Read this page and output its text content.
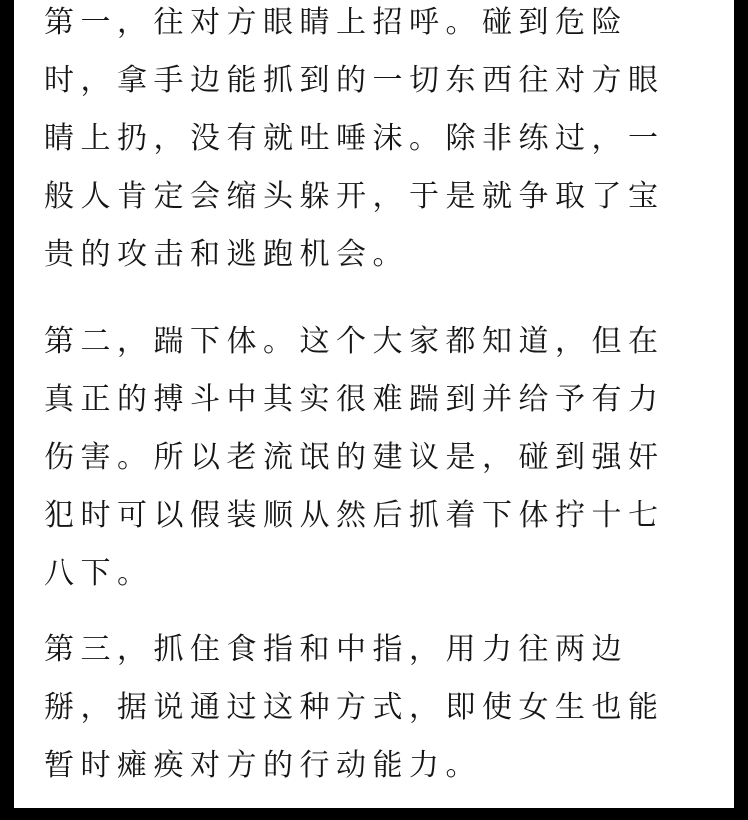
第一，往对方眼睛上招呼。碰到危险
时，拿手边能抓到的一切东西往对方眼
睛上扔，没有就吐唾沫。除非练过，一
般人肯定会缩头躲开，于是就争取了宝
贵的攻击和逃跑机会。
第二，踹下体。这个大家都知道，但在
真正的搏斗中其实很难踹到并给予有力
伤害。所以老流氓的建议是，碰到强奸
犯时可以假装顺从然后抓着下体拧十七
八下。
第三，抓住食指和中指，用力往两边
掰，据说通过这种方式，即使女生也能
暂时瘫痪对方的行动能力。
